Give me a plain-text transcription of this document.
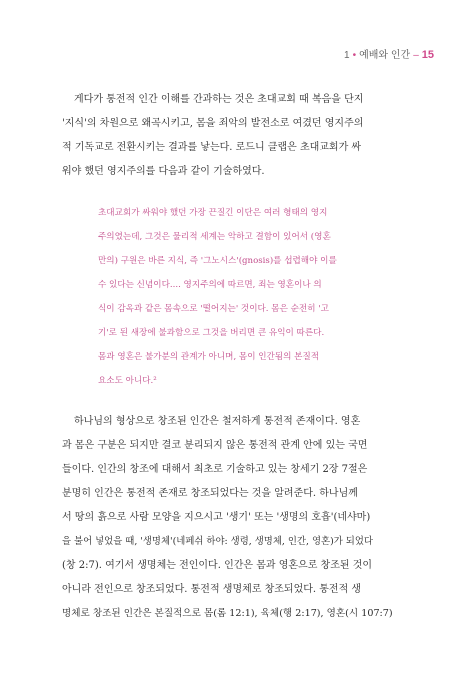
1 • 예배와 인간 – 15
게다가 통전적 인간 이해를 간과하는 것은 초대교회 때 복음을 단지
'지식'의 차원으로 왜곡시키고, 몸을 죄악의 발전소로 여겼던 영지주의
적 기독교로 전환시키는 결과를 낳는다. 로드니 클랩은 초대교회가 싸
워야 했던 영지주의를 다음과 같이 기술하였다.
초대교회가 싸워야 했던 가장 끈질긴 이단은 여러 형태의 영지
주의였는데, 그것은 물리적 세계는 악하고 결함이 있어서 (영혼
만의) 구원은 바른 지식, 즉 '그노시스'(gnosis)를 섭렵해야 이를
수 있다는 신념이다.... 영지주의에 따르면, 죄는 영혼이나 의
식이 감옥과 같은 몸속으로 '떨어지는' 것이다. 몸은 순전히 '고
기'로 된 새장에 불과함으로 그것을 버리면 큰 유익이 따른다.
몸과 영혼은 불가분의 관계가 아니며, 몸이 인간됨의 본질적
요소도 아니다.²
하나님의 형상으로 창조된 인간은 철저하게 통전적 존재이다. 영혼
과 몸은 구분은 되지만 결코 분리되지 않은 통전적 관계 안에 있는 국면
들이다. 인간의 창조에 대해서 최초로 기술하고 있는 창세기 2장 7절은
분명히 인간은 통전적 존재로 창조되었다는 것을 알려준다. 하나님께
서 땅의 흙으로 사람 모양을 지으시고 '생기' 또는 '생명의 호흡'(네샤마)
을 불어 넣었을 때, '생명체'(네페쉬 하야: 생령, 생명체, 인간, 영혼)가 되었다
(창 2:7). 여기서 생명체는 전인이다. 인간은 몸과 영혼으로 창조된 것이
아니라 전인으로 창조되었다. 통전적 생명체로 창조되었다. 통전적 생
명체로 창조된 인간은 본질적으로 몸(롬 12:1), 육체(행 2:17), 영혼(시 107:7)
